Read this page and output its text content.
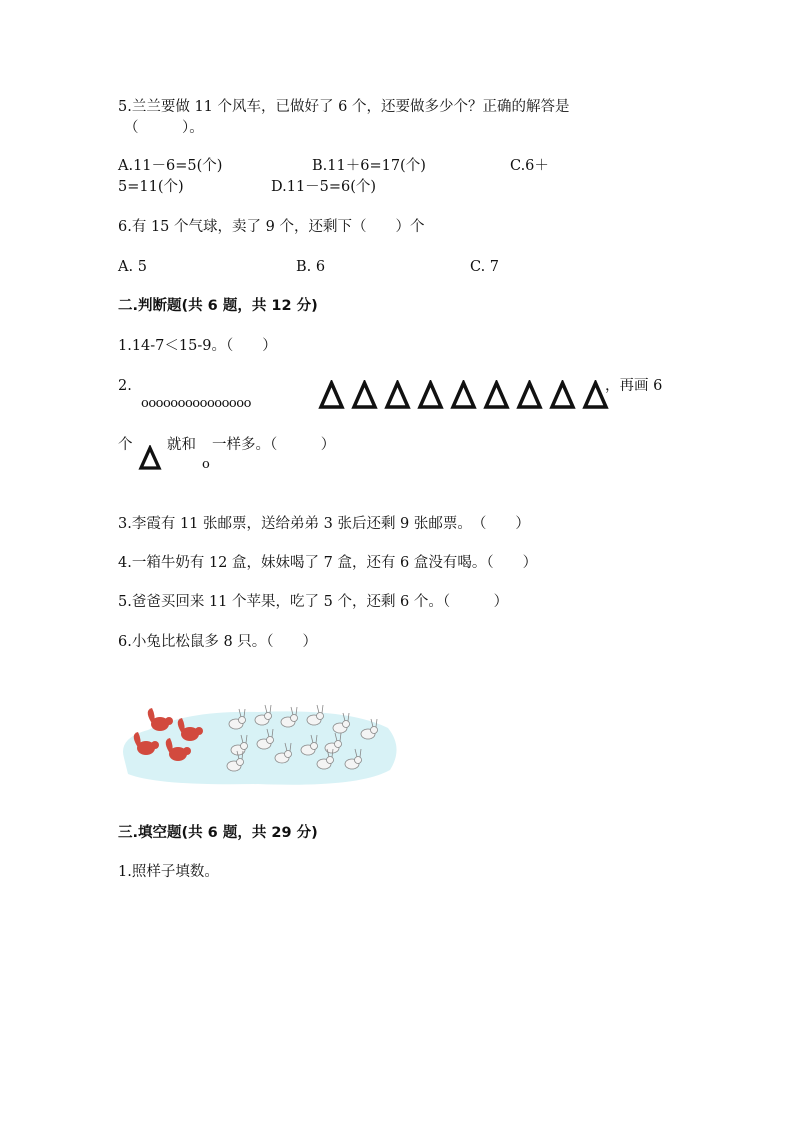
5.兰兰要做 11 个风车，已做好了 6 个，还要做多少个？正确的解答是
（　　　）。
A.11－6=5(个)	B.11＋6=17(个)	C.6＋
5=11(个)	D.11－5=6(个)
6.有 15 个气球，卖了 9 个，还剩下（　　）个
A. 5	B. 6	C. 7
二.判断题(共 6 题，共 12 分)
1.14-7＜15-9。（　　）
2.
ooooooooooooooo
，再画 6
个 就和
o
一样多。（　　　）
3.李霞有 11 张邮票，送给弟弟 3 张后还剩 9 张邮票。　（　　）
4.一箱牛奶有 12 盒，妹妹喝了 7 盒，还有 6 盒没有喝。（　　）
5.爸爸买回来 11 个苹果，吃了 5 个，还剩 6 个。（　　　）
6.小兔比松鼠多 8 只。（　　）
三.填空题(共 6 题，共 29 分)
1.照样子填数。
